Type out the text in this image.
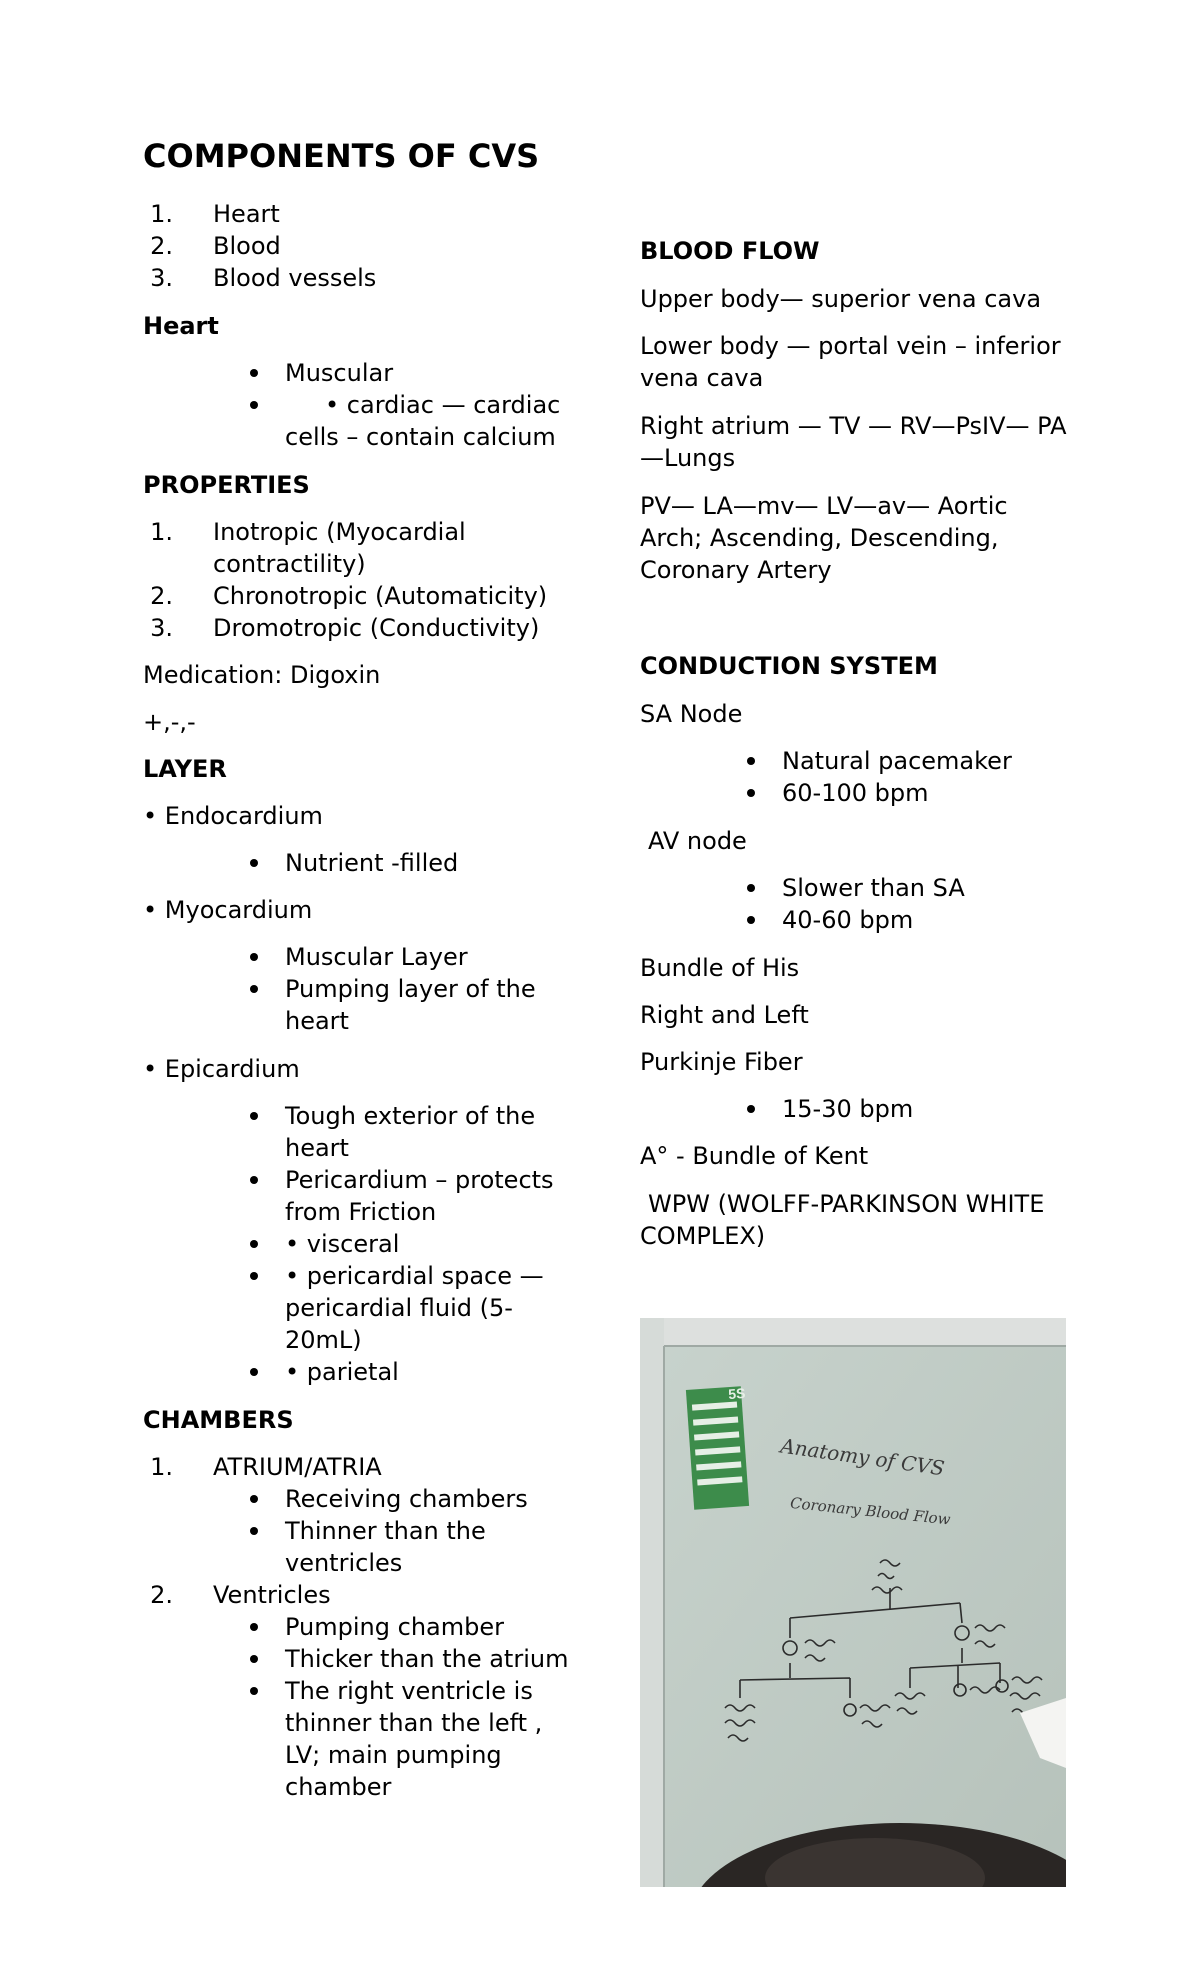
COMPONENTS OF CVS
1. Heart
2. Blood
3. Blood vessels
Heart
Muscular
• cardiac — cardiac
cells – contain calcium
PROPERTIES
1. Inotropic (Myocardial
contractility)
2. Chronotropic (Automaticity)
3. Dromotropic (Conductivity)
Medication: Digoxin
+,-,-
LAYER
• Endocardium
Nutrient -filled
• Myocardium
Muscular Layer
Pumping layer of the
heart
• Epicardium
Tough exterior of the
heart
Pericardium – protects
from Friction
• visceral
• pericardial space —
pericardial fluid (5-
20mL)
• parietal
CHAMBERS
1. ATRIUM/ATRIA
Receiving chambers
Thinner than the
ventricles
2. Ventricles
Pumping chamber
Thicker than the atrium
The right ventricle is
thinner than the left ,
LV; main pumping
chamber
BLOOD FLOW
Upper body— superior vena cava
Lower body — portal vein – inferior
vena cava
Right atrium — TV — RV—PsIV— PA
—Lungs
PV— LA—mv— LV—av— Aortic
Arch; Ascending, Descending,
Coronary Artery
CONDUCTION SYSTEM
SA Node
Natural pacemaker
60-100 bpm
AV node
Slower than SA
40-60 bpm
Bundle of His
Right and Left
Purkinje Fiber
15-30 bpm
A° - Bundle of Kent
WPW (WOLFF-PARKINSON WHITE
COMPLEX)
5S
Anatomy of CVS
Coronary Blood Flow
